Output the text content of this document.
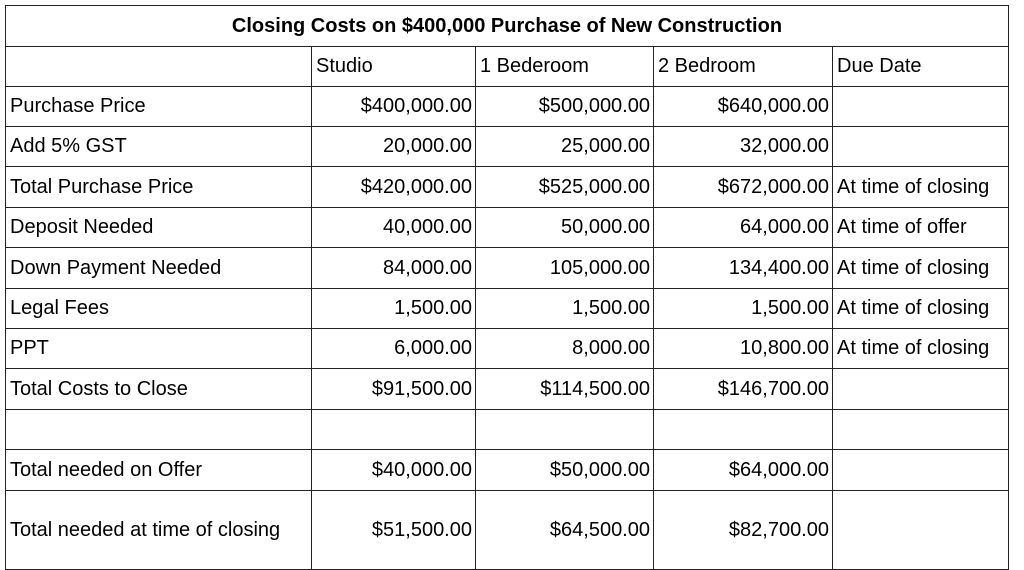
Closing Costs on $400,000 Purchase of New Construction				
	Studio	1 Bederoom	2 Bedroom	Due Date
Purchase Price	$400,000.00	$500,000.00	$640,000.00	
Add 5% GST	20,000.00	25,000.00	32,000.00	
Total Purchase Price	$420,000.00	$525,000.00	$672,000.00	At time of closing
Deposit Needed	40,000.00	50,000.00	64,000.00	At time of offer
Down Payment Needed	84,000.00	105,000.00	134,400.00	At time of closing
Legal Fees	1,500.00	1,500.00	1,500.00	At time of closing
PPT	6,000.00	8,000.00	10,800.00	At time of closing
Total Costs to Close	$91,500.00	$114,500.00	$146,700.00	

Total needed on Offer	$40,000.00	$50,000.00	$64,000.00	
Total needed at time of closing	$51,500.00	$64,500.00	$82,700.00	
